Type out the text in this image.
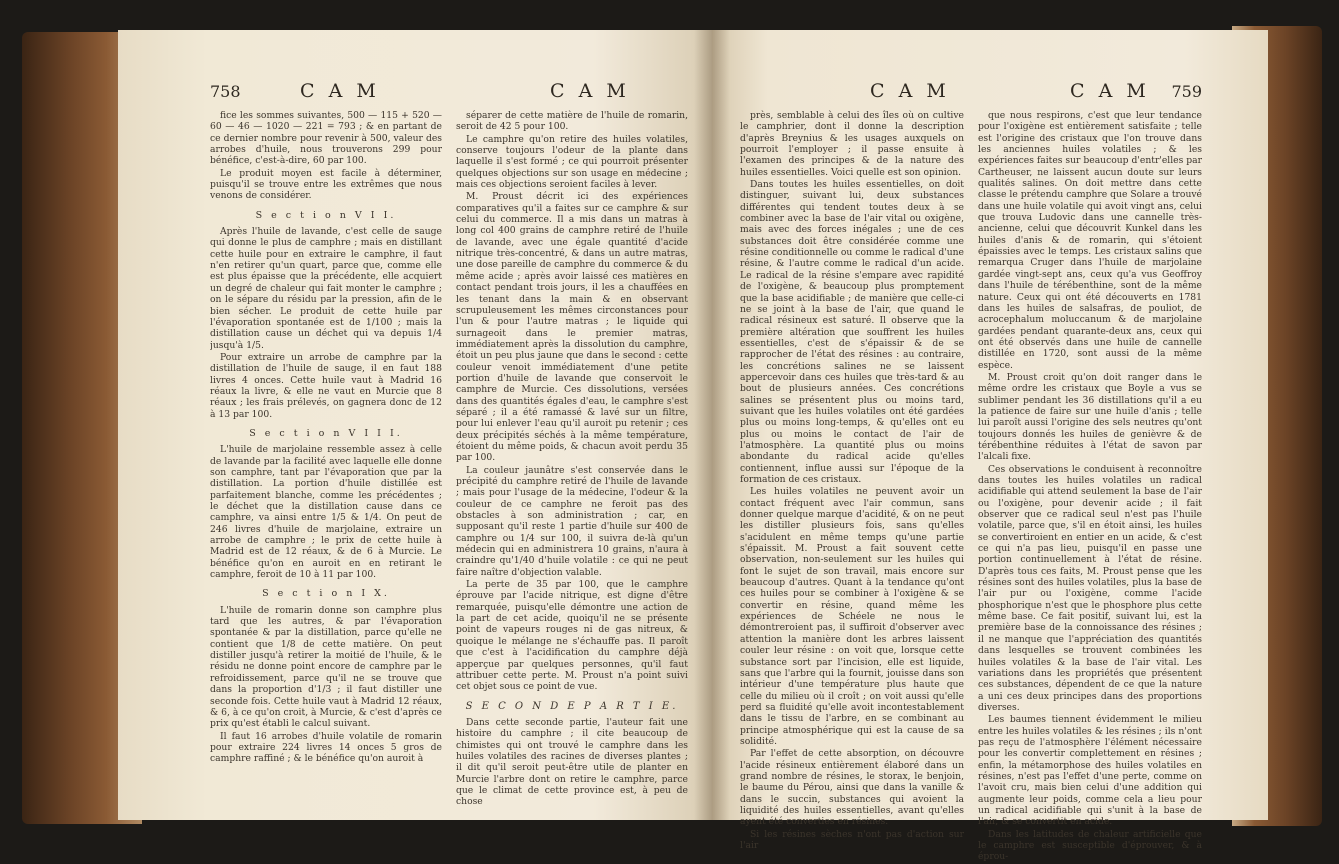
758	C A M	C A M

fice les sommes suivantes, 500 — 115 + 520 — 60 — 46 — 1020 — 221 = 793 ; & en partant de ce dernier nombre pour revenir à 500, valeur des arrobes d'huile, nous trouverons 299 pour bénéfice, c'est-à-dire, 60 par 100.

Le produit moyen est facile à déterminer, puisqu'il se trouve entre les extrêmes que nous venons de considérer.

S e c t i o n V I I.

Après l'huile de lavande, c'est celle de sauge qui donne le plus de camphre ; mais en distillant cette huile pour en extraire le camphre, il faut n'en retirer qu'un quart, parce que, comme elle est plus épaisse que la précédente, elle acquiert un degré de chaleur qui fait monter le camphre ; on le sépare du résidu par la pression, afin de le bien sécher. Le produit de cette huile par l'évaporation spontanée est de 1/100 ; mais la distillation cause un déchet qui va depuis 1/4 jusqu'à 1/5.

Pour extraire un arrobe de camphre par la distillation de l'huile de sauge, il en faut 188 livres 4 onces. Cette huile vaut à Madrid 16 réaux la livre, & elle ne vaut en Murcie que 8 réaux ; les frais prélevés, on gagnera donc de 12 à 13 par 100.

S e c t i o n V I I I.

L'huile de marjolaine ressemble assez à celle de lavande par la facilité avec laquelle elle donne son camphre, tant par l'évaporation que par la distillation. La portion d'huile distillée est parfaitement blanche, comme les précédentes ; le déchet que la distillation cause dans ce camphre, va ainsi entre 1/5 & 1/4. On peut de 246 livres d'huile de marjolaine, extraire un arrobe de camphre ; le prix de cette huile à Madrid est de 12 réaux, & de 6 à Murcie. Le bénéfice qu'on en auroit en en retirant le camphre, feroit de 10 à 11 par 100.

S e c t i o n I X.

L'huile de romarin donne son camphre plus tard que les autres, & par l'évaporation spontanée & par la distillation, parce qu'elle ne contient que 1/8 de cette matière. On peut distiller jusqu'à retirer la moitié de l'huile, & le résidu ne donne point encore de camphre par le refroidissement, parce qu'il ne se trouve que dans la proportion d'1/3 ; il faut distiller une seconde fois. Cette huile vaut à Madrid 12 réaux, & 6, à ce qu'on croit, à Murcie, & c'est d'après ce prix qu'est établi le calcul suivant.

Il faut 16 arrobes d'huile volatile de romarin pour extraire 224 livres 14 onces 5 gros de camphre raffiné ; & le bénéfice qu'on auroit à

séparer de cette matière de l'huile de romarin, seroit de 42 5 pour 100.

Le camphre qu'on retire des huiles volatiles, conserve toujours l'odeur de la plante dans laquelle il s'est formé ; ce qui pourroit présenter quelques objections sur son usage en médecine ; mais ces objections seroient faciles à lever.

M. Proust décrit ici des expériences comparatives qu'il a faites sur ce camphre & sur celui du commerce. Il a mis dans un matras à long col 400 grains de camphre retiré de l'huile de lavande, avec une égale quantité d'acide nitrique très-concentré, & dans un autre matras, une dose pareille de camphre du commerce & du même acide ; après avoir laissé ces matières en contact pendant trois jours, il les a chauffées en les tenant dans la main & en observant scrupuleusement les mêmes circonstances pour l'un & pour l'autre matras ; le liquide qui surnageoit dans le premier matras, immédiatement après la dissolution du camphre, étoit un peu plus jaune que dans le second : cette couleur venoit immédiatement d'une petite portion d'huile de lavande que conservoit le camphre de Murcie. Ces dissolutions, versées dans des quantités égales d'eau, le camphre s'est séparé ; il a été ramassé & lavé sur un filtre, pour lui enlever l'eau qu'il auroit pu retenir ; ces deux précipités séchés à la même température, étoient du même poids, & chacun avoit perdu 35 par 100.

La couleur jaunâtre s'est conservée dans le précipité du camphre retiré de l'huile de lavande ; mais pour l'usage de la médecine, l'odeur & la couleur de ce camphre ne feroit pas des obstacles à son administration ; car, en supposant qu'il reste 1 partie d'huile sur 400 de camphre ou 1/4 sur 100, il suivra de-là qu'un médecin qui en administrera 10 grains, n'aura à craindre qu'1/40 d'huile volatile : ce qui ne peut faire naître d'objection valable.

La perte de 35 par 100, que le camphre éprouve par l'acide nitrique, est digne d'être remarquée, puisqu'elle démontre une action de la part de cet acide, quoiqu'il ne se présente point de vapeurs rouges ni de gas nitreux, & quoique le mélange ne s'échauffe pas. Il paroît que c'est à l'acidification du camphre déjà apperçue par quelques personnes, qu'il faut attribuer cette perte. M. Proust n'a point suivi cet objet sous ce point de vue.

S E C O N D E P A R T I E.

Dans cette seconde partie, l'auteur fait une histoire du camphre ; il cite beaucoup de chimistes qui ont trouvé le camphre dans les huiles volatiles des racines de diverses plantes ; il dit qu'il seroit peut-être utile de planter en Murcie l'arbre dont on retire le camphre, parce que le climat de cette province est, à peu de chose

C A M	C A M 759

près, semblable à celui des îles où on cultive le camphrier, dont il donne la description d'après Breynius & les usages auxquels on pourroit l'employer ; il passe ensuite à l'examen des principes & de la nature des huiles essentielles. Voici quelle est son opinion.

Dans toutes les huiles essentielles, on doit distinguer, suivant lui, deux substances différentes qui tendent toutes deux à se combiner avec la base de l'air vital ou oxigène, mais avec des forces inégales ; une de ces substances doit être considérée comme une résine conditionnelle ou comme le radical d'une résine, & l'autre comme le radical d'un acide. Le radical de la résine s'empare avec rapidité de l'oxigène, & beaucoup plus promptement que la base acidifiable ; de manière que celle-ci ne se joint à la base de l'air, que quand le radical résineux est saturé. Il observe que la première altération que souffrent les huiles essentielles, c'est de s'épaissir & de se rapprocher de l'état des résines : au contraire, les concrétions salines ne se laissent appercevoir dans ces huiles que très-tard & au bout de plusieurs années. Ces concrétions salines se présentent plus ou moins tard, suivant que les huiles volatiles ont été gardées plus ou moins long-temps, & qu'elles ont eu plus ou moins le contact de l'air de l'atmosphère. La quantité plus ou moins abondante du radical acide qu'elles contiennent, influe aussi sur l'époque de la formation de ces cristaux.

Les huiles volatiles ne peuvent avoir un contact fréquent avec l'air commun, sans donner quelque marque d'acidité, & on ne peut les distiller plusieurs fois, sans qu'elles s'acidulent en même temps qu'une partie s'épaissit. M. Proust a fait souvent cette observation, non-seulement sur les huiles qui font le sujet de son travail, mais encore sur beaucoup d'autres. Quant à la tendance qu'ont ces huiles pour se combiner à l'oxigène & se convertir en résine, quand même les expériences de Schéele ne nous le démontreroient pas, il suffiroit d'observer avec attention la manière dont les arbres laissent couler leur résine : on voit que, lorsque cette substance sort par l'incision, elle est liquide, sans que l'arbre qui la fournit, jouisse dans son intérieur d'une température plus haute que celle du milieu où il croît ; on voit aussi qu'elle perd sa fluidité qu'elle avoit incontestablement dans le tissu de l'arbre, en se combinant au principe atmosphérique qui est la cause de sa solidité.

Par l'effet de cette absorption, on découvre l'acide résineux entièrement élaboré dans un grand nombre de résines, le storax, le benjoin, le baume du Pérou, ainsi que dans la vanille & dans le succin, substances qui avoient la liquidité des huiles essentielles, avant qu'elles ayent été converties en résines.

Si les résines sèches n'ont pas d'action sur l'air

que nous respirons, c'est que leur tendance pour l'oxigène est entièrement satisfaite ; telle est l'origine des cristaux que l'on trouve dans les anciennes huiles volatiles ; & les expériences faites sur beaucoup d'entr'elles par Cartheuser, ne laissent aucun doute sur leurs qualités salines. On doit mettre dans cette classe le prétendu camphre que Solare a trouvé dans une huile volatile qui avoit vingt ans, celui que trouva Ludovic dans une cannelle très-ancienne, celui que découvrit Kunkel dans les huiles d'anis & de romarin, qui s'étoient épaissies avec le temps. Les cristaux salins que remarqua Cruger dans l'huile de marjolaine gardée vingt-sept ans, ceux qu'a vus Geoffroy dans l'huile de térébenthine, sont de la même nature. Ceux qui ont été découverts en 1781 dans les huiles de salsafras, de pouliot, de acrocephalum moluccanum & de marjolaine gardées pendant quarante-deux ans, ceux qui ont été observés dans une huile de cannelle distillée en 1720, sont aussi de la même espèce.

M. Proust croit qu'on doit ranger dans le même ordre les cristaux que Boyle a vus se sublimer pendant les 36 distillations qu'il a eu la patience de faire sur une huile d'anis ; telle lui paroît aussi l'origine des sels neutres qu'ont toujours donnés les huiles de genièvre & de térébenthine réduites à l'état de savon par l'alcali fixe.

Ces observations le conduisent à reconnoître dans toutes les huiles volatiles un radical acidifiable qui attend seulement la base de l'air ou l'oxigène, pour devenir acide ; il fait observer que ce radical seul n'est pas l'huile volatile, parce que, s'il en étoit ainsi, les huiles se convertiroient en entier en un acide, & c'est ce qui n'a pas lieu, puisqu'il en passe une portion continuellement à l'état de résine. D'après tous ces faits, M. Proust pense que les résines sont des huiles volatiles, plus la base de l'air pur ou l'oxigène, comme l'acide phosphorique n'est que le phosphore plus cette même base. Ce fait positif, suivant lui, est la première base de la connoissance des résines ; il ne manque que l'appréciation des quantités dans lesquelles se trouvent combinées les huiles volatiles & la base de l'air vital. Les variations dans les propriétés que présentent ces substances, dépendent de ce que la nature a uni ces deux principes dans des proportions diverses.

Les baumes tiennent évidemment le milieu entre les huiles volatiles & les résines ; ils n'ont pas reçu de l'atmosphère l'élément nécessaire pour les convertir complettement en résines ; enfin, la métamorphose des huiles volatiles en résines, n'est pas l'effet d'une perte, comme on l'avoit cru, mais bien celui d'une addition qui augmente leur poids, comme cela a lieu pour un radical acidifiable qui s'unit à la base de l'air, & se convertit en acide.

Dans les latitudes de chaleur artificielle que le camphre est susceptible d'éprouver, & à éprou-
